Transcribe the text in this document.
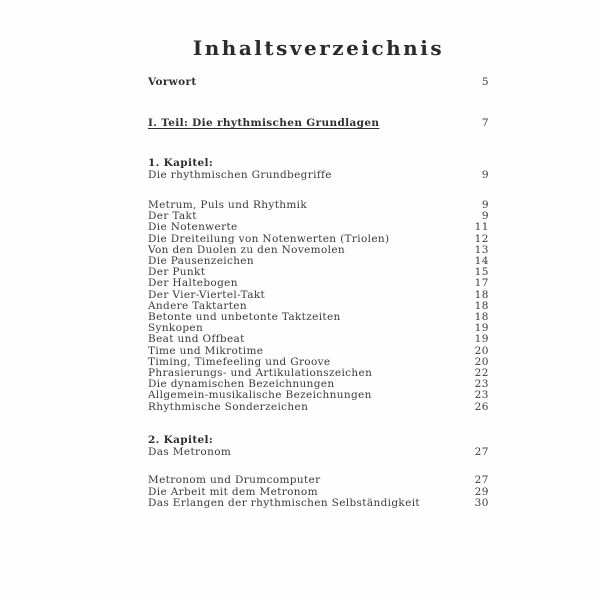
Inhaltsverzeichnis
Vorwort	5
I. Teil: Die rhythmischen Grundlagen	7
1. Kapitel:
Die rhythmischen Grundbegriffe	9
Metrum, Puls und Rhythmik	9
Der Takt	9
Die Notenwerte	11
Die Dreiteilung von Notenwerten (Triolen)	12
Von den Duolen zu den Novemolen	13
Die Pausenzeichen	14
Der Punkt	15
Der Haltebogen	17
Der Vier-Viertel-Takt	18
Andere Taktarten	18
Betonte und unbetonte Taktzeiten	18
Synkopen	19
Beat und Offbeat	19
Time und Mikrotime	20
Timing, Timefeeling und Groove	20
Phrasierungs- und Artikulationszeichen	22
Die dynamischen Bezeichnungen	23
Allgemein-musikalische Bezeichnungen	23
Rhythmische Sonderzeichen	26
2. Kapitel:
Das Metronom	27
Metronom und Drumcomputer	27
Die Arbeit mit dem Metronom	29
Das Erlangen der rhythmischen Selbständigkeit	30
